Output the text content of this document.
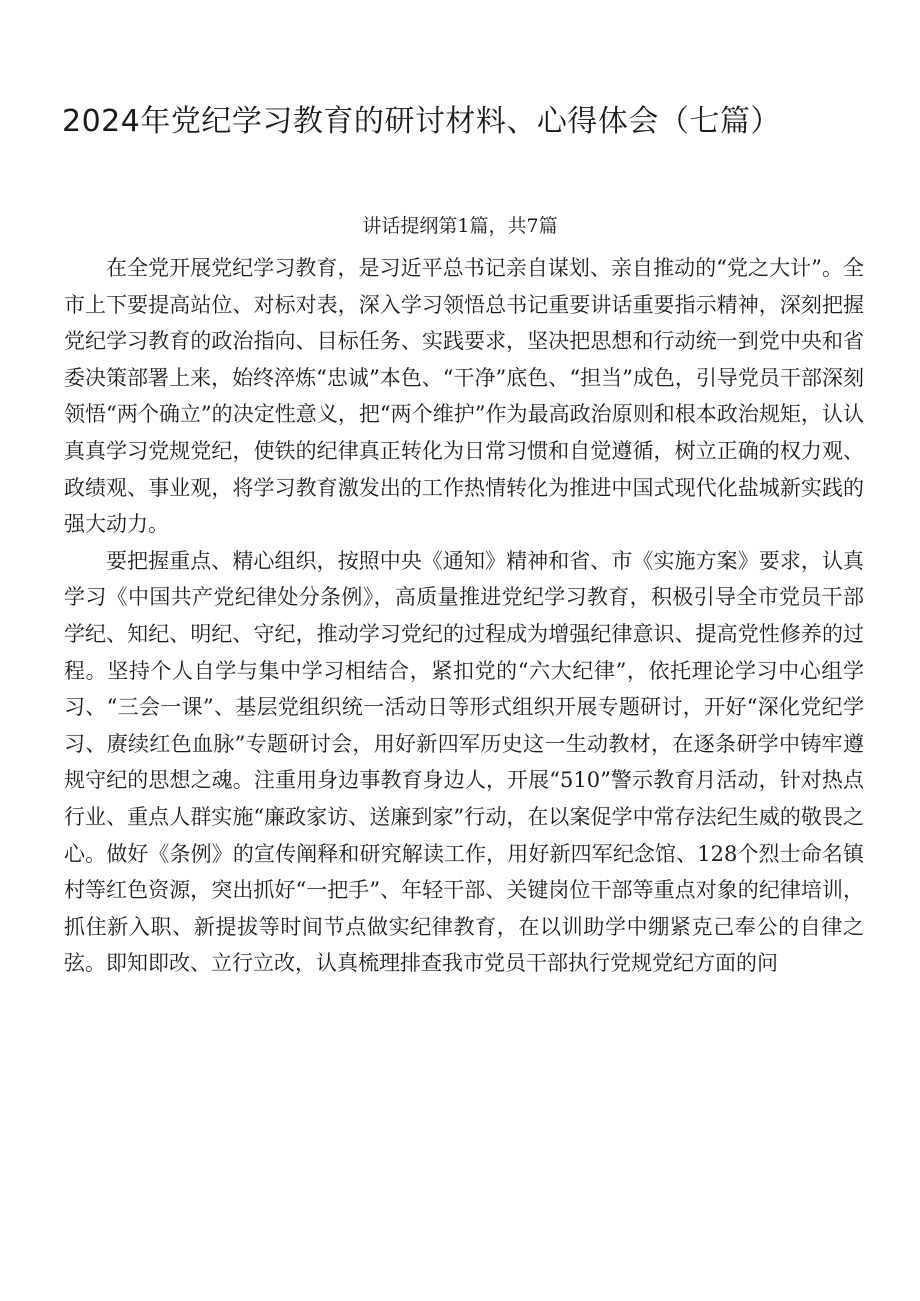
2024年党纪学习教育的研讨材料、心得体会（七篇）

讲话提纲第1篇，共7篇

在全党开展党纪学习教育，是习近平总书记亲自谋划、亲自推动的“党之大计”。全市上下要提高站位、对标对表，深入学习领悟总书记重要讲话重要指示精神，深刻把握党纪学习教育的政治指向、目标任务、实践要求，坚决把思想和行动统一到党中央和省委决策部署上来，始终淬炼“忠诚”本色、“干净”底色、“担当”成色，引导党员干部深刻领悟“两个确立”的决定性意义，把“两个维护”作为最高政治原则和根本政治规矩，认认真真学习党规党纪，使铁的纪律真正转化为日常习惯和自觉遵循，树立正确的权力观、政绩观、事业观，将学习教育激发出的工作热情转化为推进中国式现代化盐城新实践的强大动力。

要把握重点、精心组织，按照中央《通知》精神和省、市《实施方案》要求，认真学习《中国共产党纪律处分条例》，高质量推进党纪学习教育，积极引导全市党员干部学纪、知纪、明纪、守纪，推动学习党纪的过程成为增强纪律意识、提高党性修养的过程。坚持个人自学与集中学习相结合，紧扣党的“六大纪律”，依托理论学习中心组学习、“三会一课”、基层党组织统一活动日等形式组织开展专题研讨，开好“深化党纪学习、赓续红色血脉”专题研讨会，用好新四军历史这一生动教材，在逐条研学中铸牢遵规守纪的思想之魂。注重用身边事教育身边人，开展“510”警示教育月活动，针对热点行业、重点人群实施“廉政家访、送廉到家”行动，在以案促学中常存法纪生威的敬畏之心。做好《条例》的宣传阐释和研究解读工作，用好新四军纪念馆、128个烈士命名镇村等红色资源，突出抓好“一把手”、年轻干部、关键岗位干部等重点对象的纪律培训，抓住新入职、新提拔等时间节点做实纪律教育，在以训助学中绷紧克己奉公的自律之弦。即知即改、立行立改，认真梳理排查我市党员干部执行党规党纪方面的问
